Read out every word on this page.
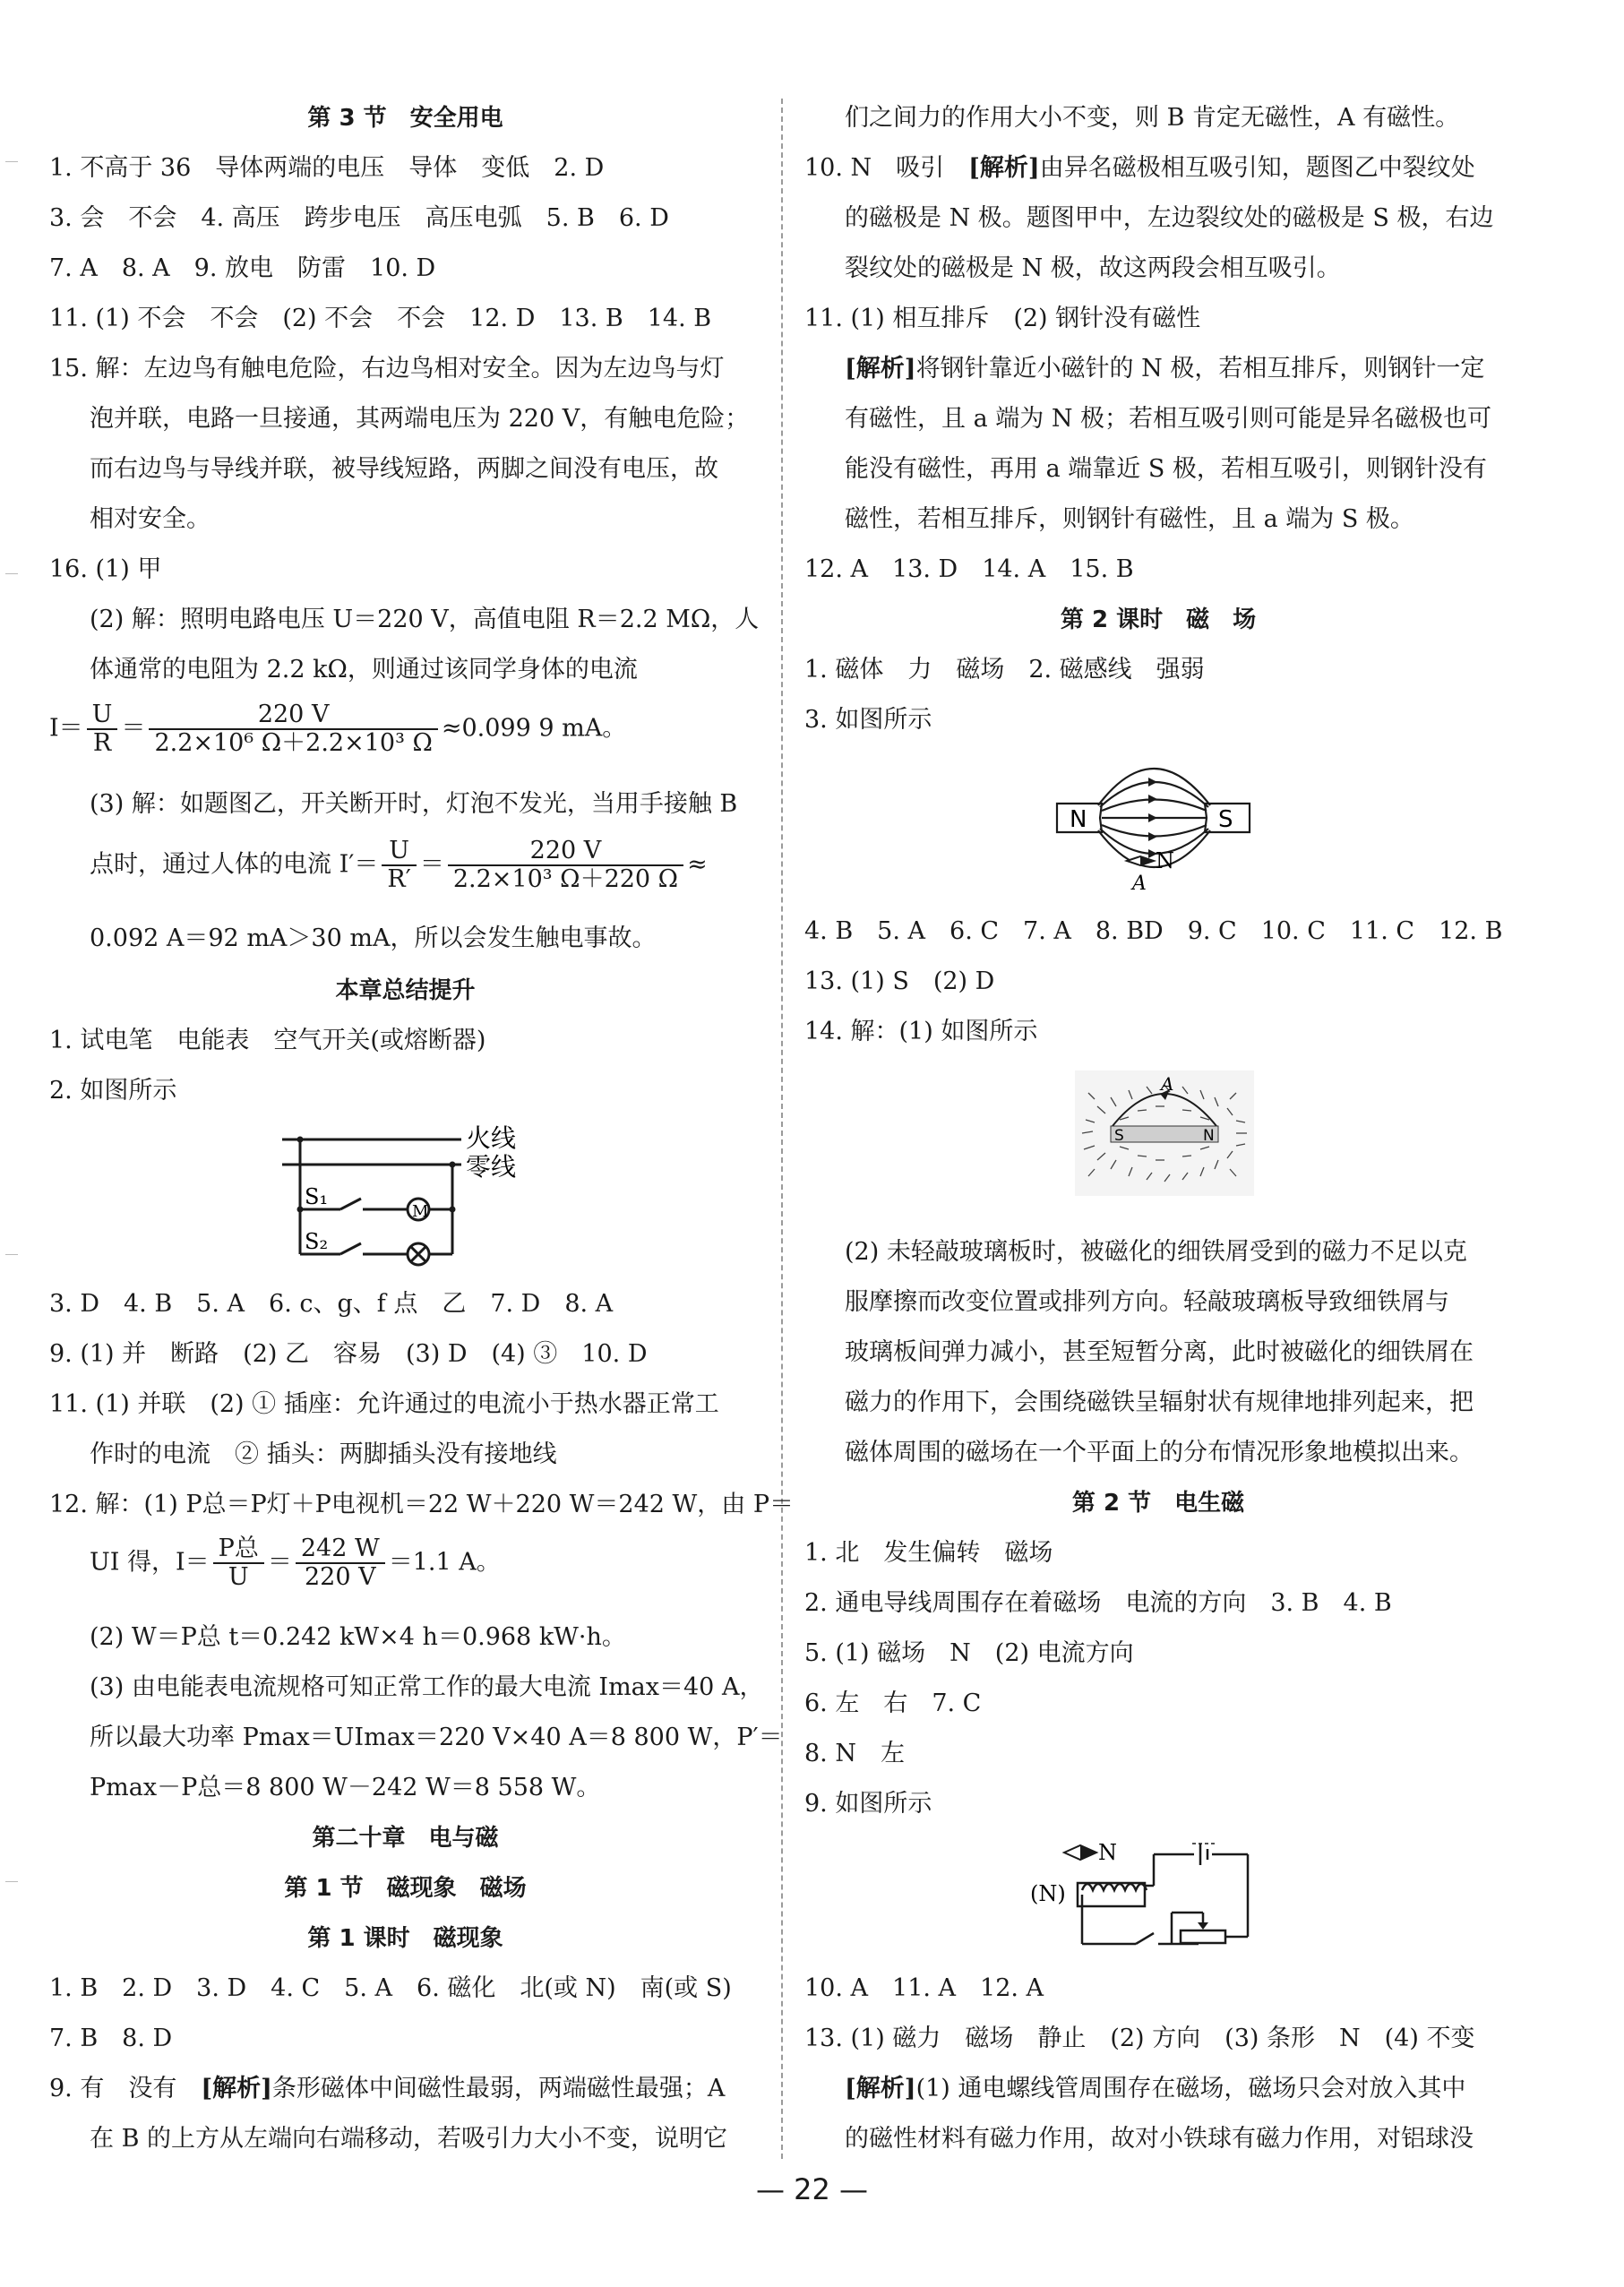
第 3 节　安全用电
1. 不高于 36　导体两端的电压　导体　变低　2. D
3. 会　不会　4. 高压　跨步电压　高压电弧　5. B　6. D
7. A　8. A　9. 放电　防雷　10. D
11. (1) 不会　不会　(2) 不会　不会　12. D　13. B　14. B
15. 解：左边鸟有触电危险，右边鸟相对安全。因为左边鸟与灯
泡并联，电路一旦接通，其两端电压为 220 V，有触电危险；
而右边鸟与导线并联，被导线短路，两脚之间没有电压，故
相对安全。
16. (1) 甲
(2) 解：照明电路电压 U＝220 V，高值电阻 R＝2.2 MΩ，人
体通常的电阻为 2.2 kΩ，则通过该同学身体的电流
$I= \frac{U}{R} = \frac{220 V}{\text{2.2×10⁶ Ω＋2.2×10³ Ω}} \approx 0.099$ 9 mA。
(3) 解：如题图乙，开关断开时，灯泡不发光，当用手接触 B
点时，通过人体的电流 $I'= \frac{U}{R'} = \frac{220 V}{\text{2.2×10³ Ω＋220 Ω}}$ ≈
0.092 A＝92 mA＞30 mA，所以会发生触电事故。
本章总结提升
1. 试电笔　电能表　空气开关(或熔断器)
2. 如图所示
火线
零线
S₁
S₂
M
3. D　4. B　5. A　6. c、g、f 点　乙　7. D　8. A
9. (1) 并　断路　(2) 乙　容易　(3) D　(4) ③　10. D
11. (1) 并联　(2) ① 插座：允许通过的电流小于热水器正常工
作时的电流　② 插头：两脚插头没有接地线
12. 解：(1) P总＝P灯＋P电视机＝22 W＋220 W＝242 W，由 P＝
UI 得，$I= \frac{\text{P总}}{U} = \frac{242 W}{220 V} =1.1$ A。
(2) W＝P总 t＝0.242 kW×4 h＝0.968 kW·h。
(3) 由电能表电流规格可知正常工作的最大电流 Imax＝40 A，
所以最大功率 Pmax＝UImax＝220 V×40 A＝8 800 W，P′＝
Pmax－P总＝8 800 W－242 W＝8 558 W。
第二十章　电与磁
第 1 节　磁现象　磁场
第 1 课时　磁现象
1. B　2. D　3. D　4. C　5. A　6. 磁化　北(或 N)　南(或 S)
7. B　8. D
9. 有　没有　[解析]条形磁体中间磁性最弱，两端磁性最强；A
在 B 的上方从左端向右端移动，若吸引力大小不变，说明它
们之间力的作用大小不变，则 B 肯定无磁性，A 有磁性。
10. N　吸引　[解析]由异名磁极相互吸引知，题图乙中裂纹处
的磁极是 N 极。题图甲中，左边裂纹处的磁极是 S 极，右边
裂纹处的磁极是 N 极，故这两段会相互吸引。
11. (1) 相互排斥　(2) 钢针没有磁性
[解析]将钢针靠近小磁针的 N 极，若相互排斥，则钢针一定
有磁性，且 a 端为 N 极；若相互吸引则可能是异名磁极也可
能没有磁性，再用 a 端靠近 S 极，若相互吸引，则钢针没有
磁性，若相互排斥，则钢针有磁性，且 a 端为 S 极。
12. A　13. D　14. A　15. B
第 2 课时　磁　场
1. 磁体　力　磁场　2. 磁感线　强弱
3. 如图所示
N	S
N
A
4. B　5. A　6. C　7. A　8. BD　9. C　10. C　11. C　12. B
13. (1) S　(2) D
14. 解：(1) 如图所示
A
S	N
(2) 未轻敲玻璃板时，被磁化的细铁屑受到的磁力不足以克
服摩擦而改变位置或排列方向。轻敲玻璃板导致细铁屑与
玻璃板间弹力减小，甚至短暂分离，此时被磁化的细铁屑在
磁力的作用下，会围绕磁铁呈辐射状有规律地排列起来，把
磁体周围的磁场在一个平面上的分布情况形象地模拟出来。
第 2 节　电生磁
1. 北　发生偏转　磁场
2. 通电导线周围存在着磁场　电流的方向　3. B　4. B
5. (1) 磁场　N　(2) 电流方向
6. 左　右　7. C
8. N　左
9. 如图所示
N
(N)
10. A　11. A　12. A
13. (1) 磁力　磁场　静止　(2) 方向　(3) 条形　N　(4) 不变
[解析](1) 通电螺线管周围存在磁场，磁场只会对放入其中
的磁性材料有磁力作用，故对小铁球有磁力作用，对铝球没
— 22 —
